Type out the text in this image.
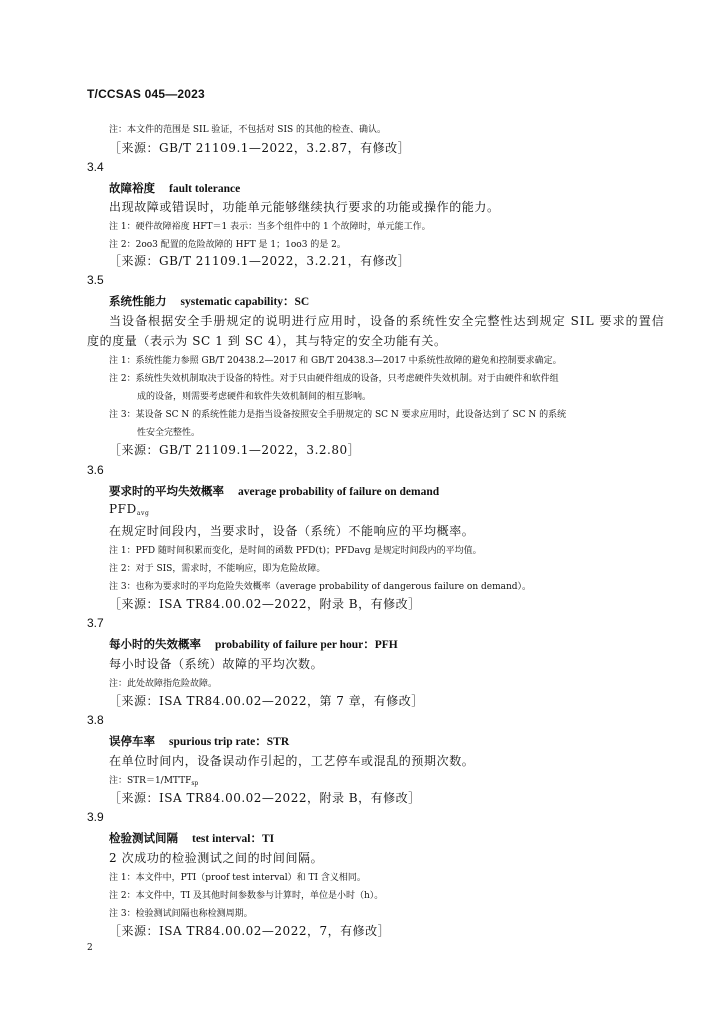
T/CCSAS 045—2023
注：本文件的范围是 SIL 验证，不包括对 SIS 的其他的检查、确认。
［来源：GB/T 21109.1—2022，3.2.87，有修改］
3.4
故障裕度 fault tolerance
出现故障或错误时，功能单元能够继续执行要求的功能或操作的能力。
注 1：硬件故障裕度 HFT＝1 表示：当多个组件中的 1 个故障时，单元能工作。
注 2：2oo3 配置的危险故障的 HFT 是 1；1oo3 的是 2。
［来源：GB/T 21109.1—2022，3.2.21，有修改］
3.5
系统性能力 systematic capability：SC
当设备根据安全手册规定的说明进行应用时，设备的系统性安全完整性达到规定 SIL 要求的置信
度的度量（表示为 SC 1 到 SC 4），其与特定的安全功能有关。
注 1：系统性能力参照 GB/T 20438.2—2017 和 GB/T 20438.3—2017 中系统性故障的避免和控制要求确定。
注 2：系统性失效机制取决于设备的特性。对于只由硬件组成的设备，只考虑硬件失效机制。对于由硬件和软件组
成的设备，则需要考虑硬件和软件失效机制间的相互影响。
注 3：某设备 SC N 的系统性能力是指当设备按照安全手册规定的 SC N 要求应用时，此设备达到了 SC N 的系统
性安全完整性。
［来源：GB/T 21109.1—2022，3.2.80］
3.6
要求时的平均失效概率 average probability of failure on demand
$PFD_{avg}$
在规定时间段内，当要求时，设备（系统）不能响应的平均概率。
注 1：PFD 随时间积累而变化，是时间的函数 PFD(t)；PFDavg 是规定时间段内的平均值。
注 2：对于 SIS，需求时，不能响应，即为危险故障。
注 3：也称为要求时的平均危险失效概率（average probability of dangerous failure on demand）。
［来源：ISA TR84.00.02—2022，附录 B，有修改］
3.7
每小时的失效概率 probability of failure per hour：PFH
每小时设备（系统）故障的平均次数。
注：此处故障指危险故障。
［来源：ISA TR84.00.02—2022，第 7 章，有修改］
3.8
误停车率 spurious trip rate：STR
在单位时间内，设备误动作引起的，工艺停车或混乱的预期次数。
注：$STR=1/MTTF_{sp}$
［来源：ISA TR84.00.02—2022，附录 B，有修改］
3.9
检验测试间隔 test interval：TI
2 次成功的检验测试之间的时间间隔。
注 1：本文件中，PTI（proof test interval）和 TI 含义相同。
注 2：本文件中，TI 及其他时间参数参与计算时，单位是小时（h）。
注 3：检验测试间隔也称检测周期。
［来源：ISA TR84.00.02—2022，7，有修改］
2
